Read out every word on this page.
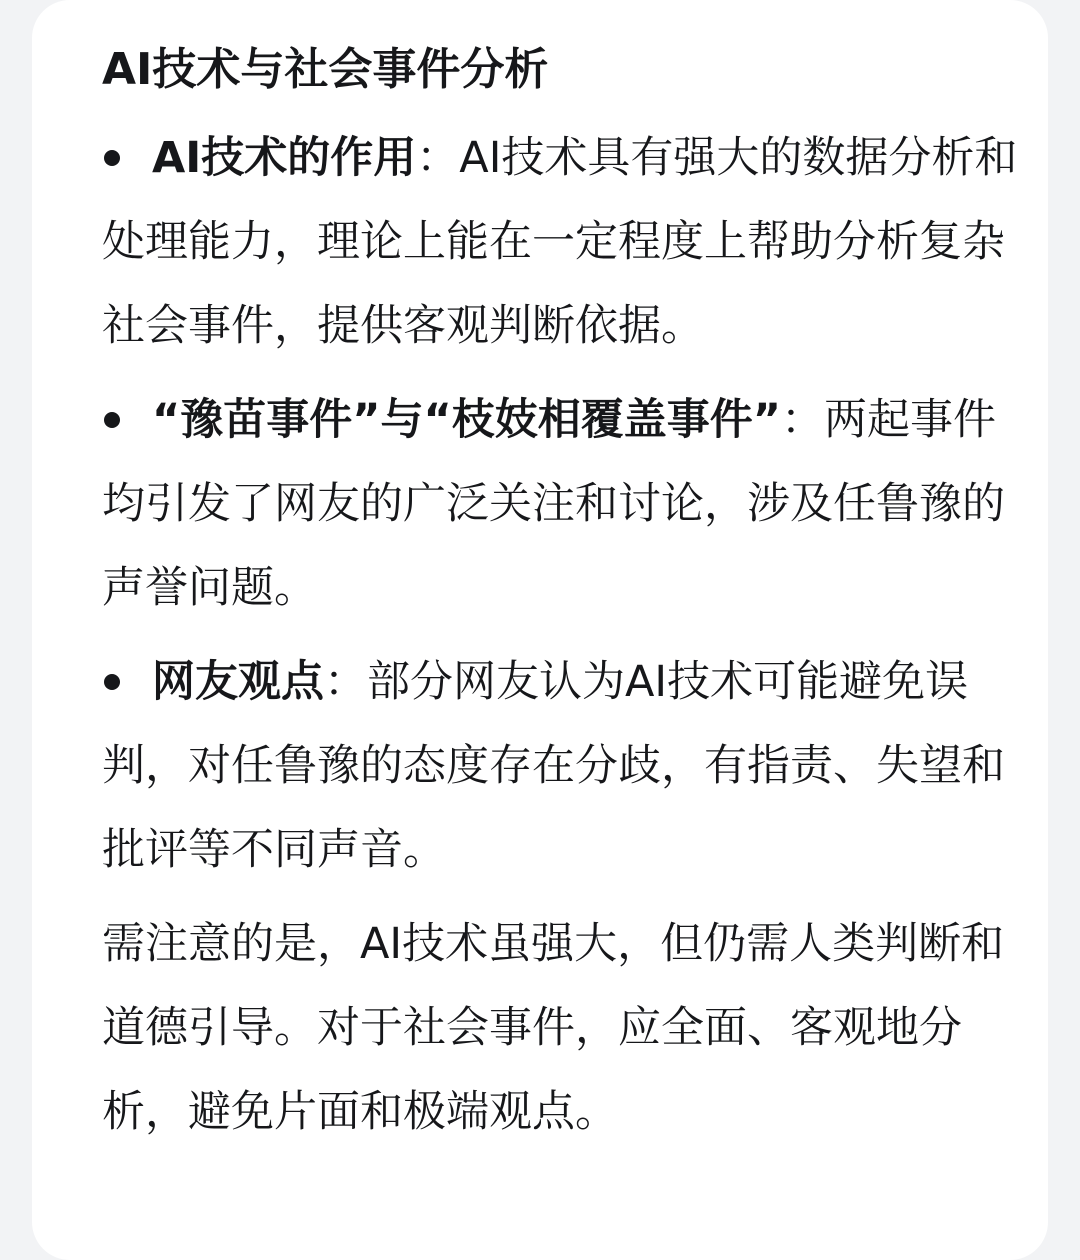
AI技术与社会事件分析
AI技术的作用：AI技术具有强大的数据分析和处理能力，理论上能在一定程度上帮助分析复杂社会事件，提供客观判断依据。
“豫苗事件”与“枝妓相覆盖事件”：两起事件均引发了网友的广泛关注和讨论，涉及任鲁豫的声誉问题。
网友观点：部分网友认为AI技术可能避免误判，对任鲁豫的态度存在分歧，有指责、失望和批评等不同声音。

需注意的是，AI技术虽强大，但仍需人类判断和道德引导。对于社会事件，应全面、客观地分析，避免片面和极端观点。
